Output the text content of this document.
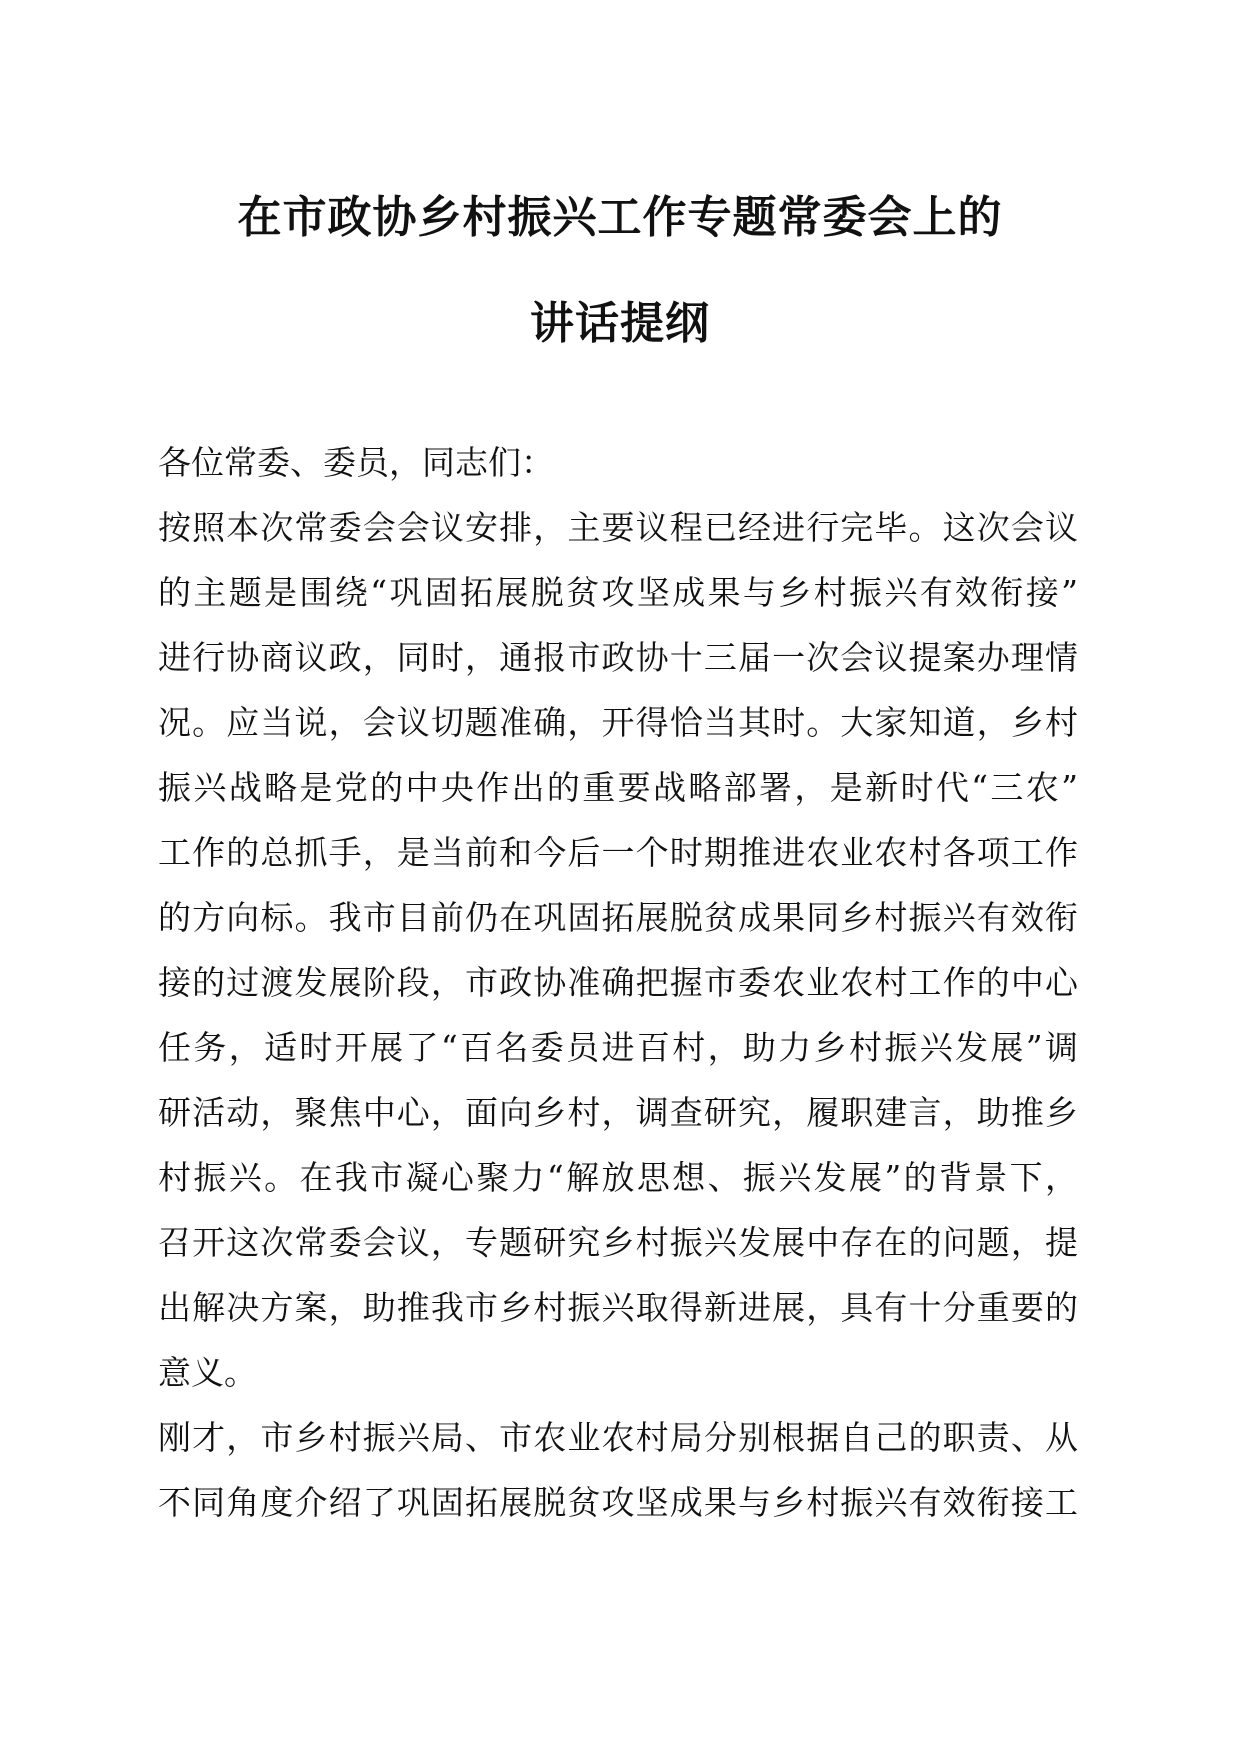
在市政协乡村振兴工作专题常委会上的

讲话提纲

各位常委、委员，同志们：

按照本次常委会会议安排，主要议程已经进行完毕。这次会议

的主题是围绕“巩固拓展脱贫攻坚成果与乡村振兴有效衔接”

进行协商议政，同时，通报市政协十三届一次会议提案办理情

况。应当说，会议切题准确，开得恰当其时。大家知道，乡村

振兴战略是党的中央作出的重要战略部署，是新时代“三农”

工作的总抓手，是当前和今后一个时期推进农业农村各项工作

的方向标。我市目前仍在巩固拓展脱贫成果同乡村振兴有效衔

接的过渡发展阶段，市政协准确把握市委农业农村工作的中心

任务，适时开展了“百名委员进百村，助力乡村振兴发展”调

研活动，聚焦中心，面向乡村，调查研究，履职建言，助推乡

村振兴。在我市凝心聚力“解放思想、振兴发展”的背景下，

召开这次常委会议，专题研究乡村振兴发展中存在的问题，提

出解决方案，助推我市乡村振兴取得新进展，具有十分重要的

意义。

刚才，市乡村振兴局、市农业农村局分别根据自己的职责、从

不同角度介绍了巩固拓展脱贫攻坚成果与乡村振兴有效衔接工
